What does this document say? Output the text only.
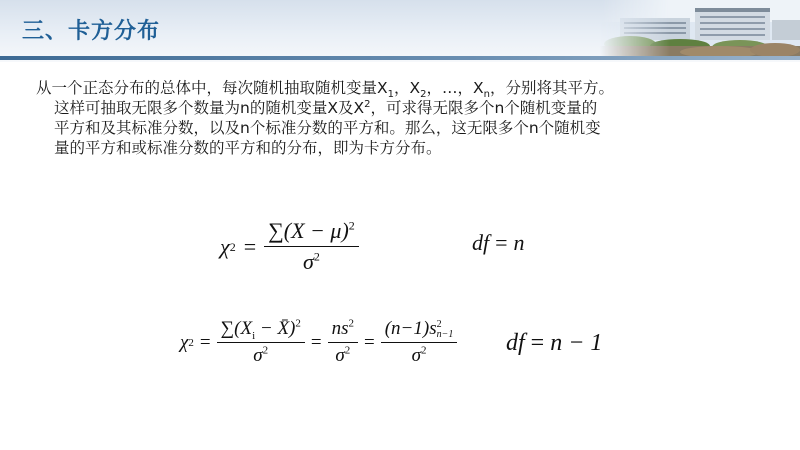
三、卡方分布
从一个正态分布的总体中，每次随机抽取随机变量$X_1$，$X_2$，…，$X_n$，分别将其平方。
这样可抽取无限多个数量为n的随机变量X及$X^2$，可求得无限多个n个随机变量的
平方和及其标准分数，以及n个标准分数的平方和。那么，这无限多个n个随机变
量的平方和或标准分数的平方和的分布，即为卡方分布。
χ $2 = \frac{\sum(X - \mu)^2}{\sigma^2}$	df = n
χ $2 = \frac{\sum(X_i - X̄)^2}{\sigma^2} = \frac{ns^2}{\sigma^2} = (n-1)s$ 2
n−1
$\sigma^2$ df = n − 1
